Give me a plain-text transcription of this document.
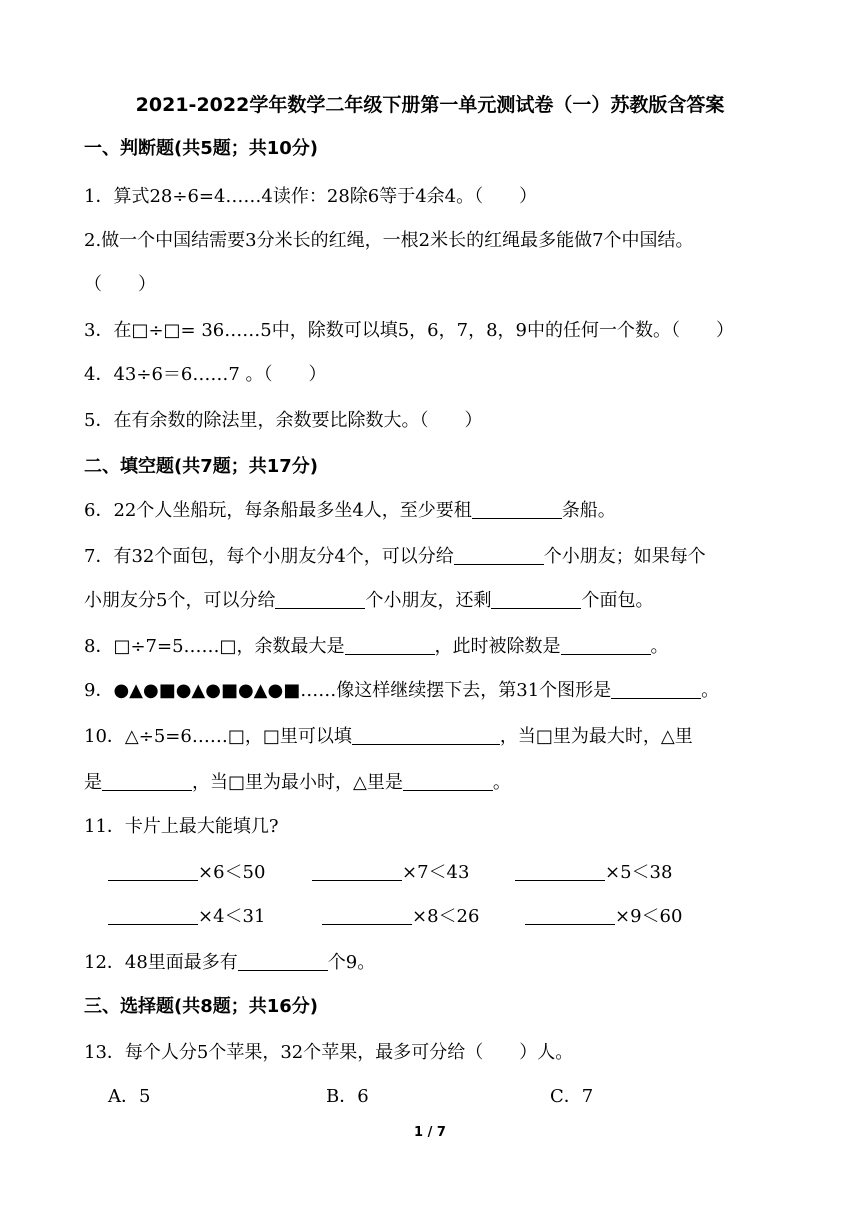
2021-2022学年数学二年级下册第一单元测试卷（一）苏教版含答案
一、判断题(共5题；共10分)
1．算式28÷6=4……4读作：28除6等于4余4。（　　）
2.做一个中国结需要3分米长的红绳，一根2米长的红绳最多能做7个中国结。
（　　）
3．在□÷□= 36……5中，除数可以填5，6，7，8，9中的任何一个数。（　　）
4．43÷6＝6……7 。（　　）
5．在有余数的除法里，余数要比除数大。（　　）
二、填空题(共7题；共17分)
6．22个人坐船玩，每条船最多坐4人，至少要租	条船。
7．有32个面包，每个小朋友分4个，可以分给	个小朋友；如果每个
小朋友分5个，可以分给	个小朋友，还剩	个面包。
8．□÷7=5……□，余数最大是	，此时被除数是	。
9．●▲●■●▲●■●▲●■……像这样继续摆下去，第31个图形是	。
10．△÷5=6……□，□里可以填	，当□里为最大时，△里
是	，当□里为最小时，△里是	。
11．卡片上最大能填几?
×6＜50	×7＜43	×5＜38
×4＜31	×8＜26	×9＜60
12．48里面最多有	个9。
三、选择题(共8题；共16分)
13．每个人分5个苹果，32个苹果，最多可分给（　　）人。
A．5	B．6	C．7
1 / 7
